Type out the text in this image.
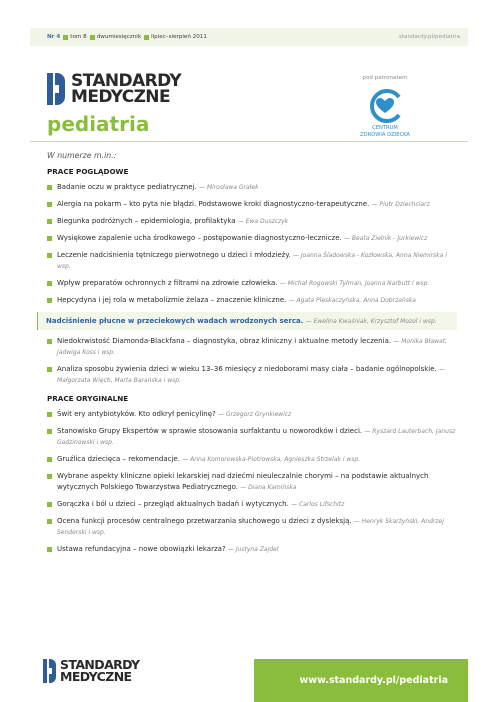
Nr 4 tom 8 dwumiesięcznik lipiec–sierpień 2011	standardy.pl/pediatria
STANDARDY
MEDYCZNE
pediatria
pod patronatem
CENTRUM
ZDROWIA DZIECKA
W numerze m.in.:
PRACE POGLĄDOWE
Badanie oczu w praktyce pediatrycznej. — Mirosława Grałek
Alergia na pokarm – kto pyta nie błądzi. Podstawowe kroki diagnostyczno-terapeutyczne. — Piotr Dziechciarz
Biegunka podróżnych – epidemiologia, profilaktyka — Ewa Duszczyk
Wysiękowe zapalenie ucha środkowego – postępowanie diagnostyczno-lecznicze. — Beata Zielnik - Jurkiewicz
Leczenie nadciśnienia tętniczego pierwotnego u dzieci i młodzieży. — Joanna Śladowska - Kozłowska, Anna Niemirska i wsp.
Wpływ preparatów ochronnych z filtrami na zdrowie człowieka. — Michał Rogowski Tylman, Joanna Narbutt i wsp.
Hepcydyna i jej rola w metabolizmie żelaza – znaczenie kliniczne. — Agata Pleskaczyńska, Anna Dobrzańska
Nadciśnienie płucne w przeciekowych wadach wrodzonych serca. — Ewelina Kwaśniak, Krzysztof Mozol i wsp.
Niedokrwistość Diamonda-Blackfana – diagnostyka, obraz kliniczny i aktualne metody leczenia. — Monika Bławat, Jadwiga Koss i wsp.
Analiza sposobu żywienia dzieci w wieku 13–36 miesięcy z niedoborami masy ciała – badanie ogólnopolskie. — Małgorzata Więch, Marta Barańska i wsp.
PRACE ORYGINALNE
Świt ery antybiotyków. Kto odkrył penicylinę? — Grzegorz Grynkiewicz
Stanowisko Grupy Ekspertów w sprawie stosowania surfaktantu u noworodków i dzieci. — Ryszard Lauterbach, Janusz Gadzinowski i wsp.
Gruźlica dziecięca – rekomendacje. — Anna Komorowska-Piotrowska, Agnieszka Strzelak i wsp.
Wybrane aspekty kliniczne opieki lekarskiej nad dziećmi nieuleczalnie chorymi – na podstawie aktualnych wytycznych Polskiego Towarzystwa Pediatrycznego. — Diana Kamińska
Gorączka i ból u dzieci – przegląd aktualnych badań i wytycznych. — Carlos Lifschitz
Ocena funkcji procesów centralnego przetwarzania słuchowego u dzieci z dysleksją. — Henryk Skarżyński, Andrzej Senderski i wsp.
Ustawa refundacyjna – nowe obowiązki lekarza? — Justyna Zajdel
STANDARDY
MEDYCZNE	www.standardy.pl/pediatria
